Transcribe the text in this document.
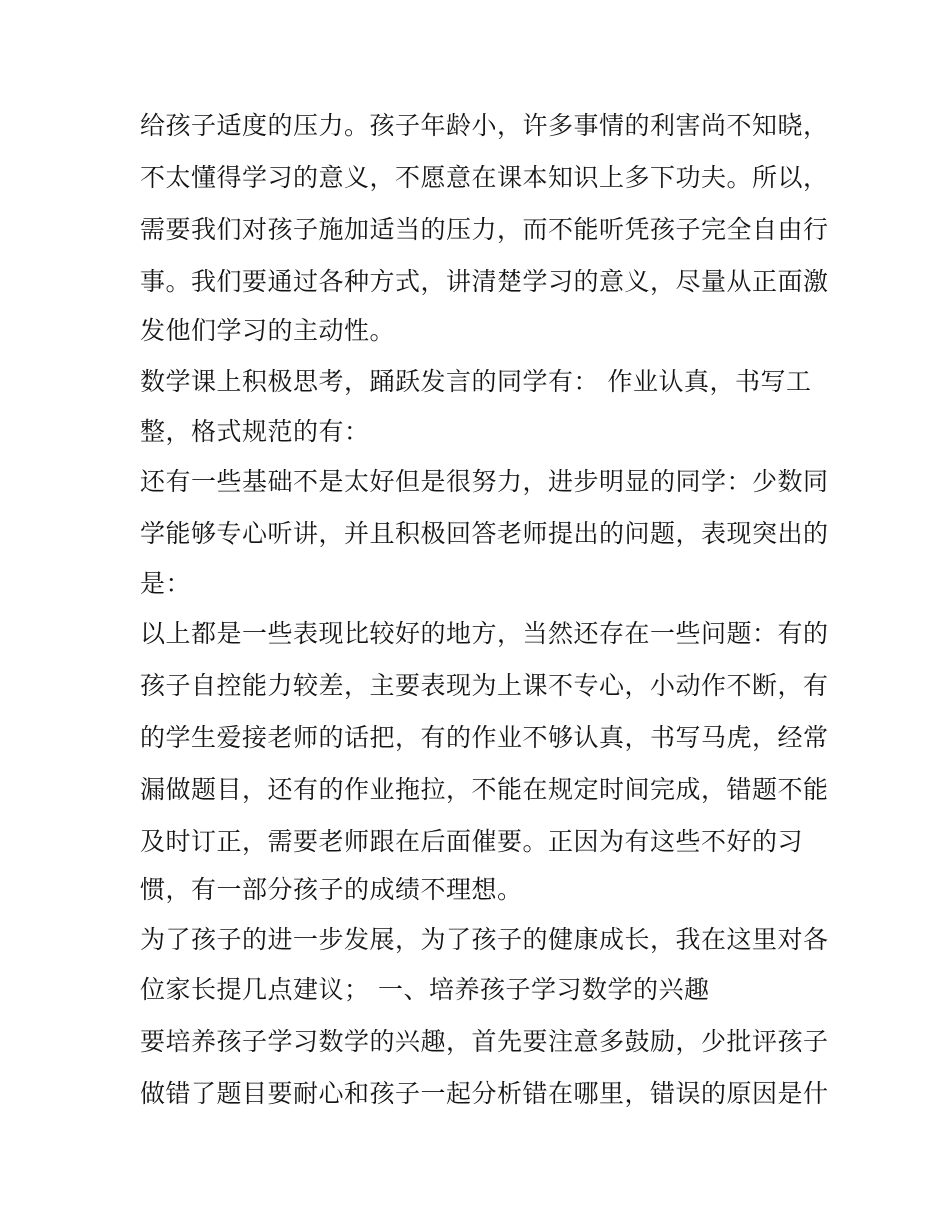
给孩子适度的压力。孩子年龄小，许多事情的利害尚不知晓，

不太懂得学习的意义，不愿意在课本知识上多下功夫。所以，

需要我们对孩子施加适当的压力，而不能听凭孩子完全自由行

事。我们要通过各种方式，讲清楚学习的意义，尽量从正面激

发他们学习的主动性。

数学课上积极思考，踊跃发言的同学有： 作业认真，书写工

整，格式规范的有：

还有一些基础不是太好但是很努力，进步明显的同学：少数同

学能够专心听讲，并且积极回答老师提出的问题，表现突出的

是：

以上都是一些表现比较好的地方，当然还存在一些问题：有的

孩子自控能力较差，主要表现为上课不专心，小动作不断，有

的学生爱接老师的话把，有的作业不够认真，书写马虎，经常

漏做题目，还有的作业拖拉，不能在规定时间完成，错题不能

及时订正，需要老师跟在后面催要。正因为有这些不好的习

惯，有一部分孩子的成绩不理想。

为了孩子的进一步发展，为了孩子的健康成长，我在这里对各

位家长提几点建议； 一、培养孩子学习数学的兴趣

要培养孩子学习数学的兴趣，首先要注意多鼓励，少批评孩子

做错了题目要耐心和孩子一起分析错在哪里，错误的原因是什
